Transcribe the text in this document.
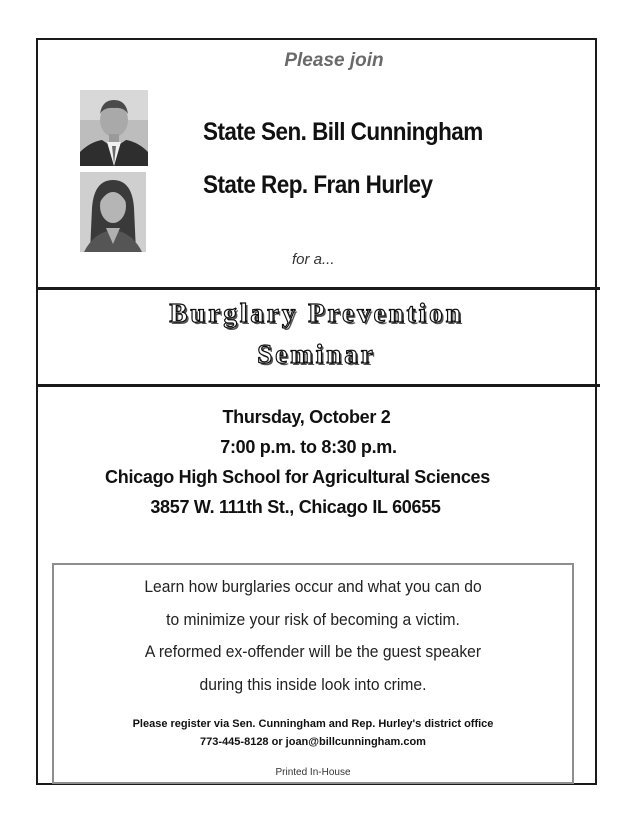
Please join
State Sen. Bill Cunningham
State Rep. Fran Hurley
for a...
Burglary Prevention
Seminar
Thursday, October 2
7:00 p.m. to 8:30 p.m.
Chicago High School for Agricultural Sciences
3857 W. 111th St., Chicago IL 60655
Learn how burglaries occur and what you can do
to minimize your risk of becoming a victim.
A reformed ex-offender will be the guest speaker
during this inside look into crime.
Please register via Sen. Cunningham and Rep. Hurley's district office
773-445-8128 or joan@billcunningham.com
Printed In-House
